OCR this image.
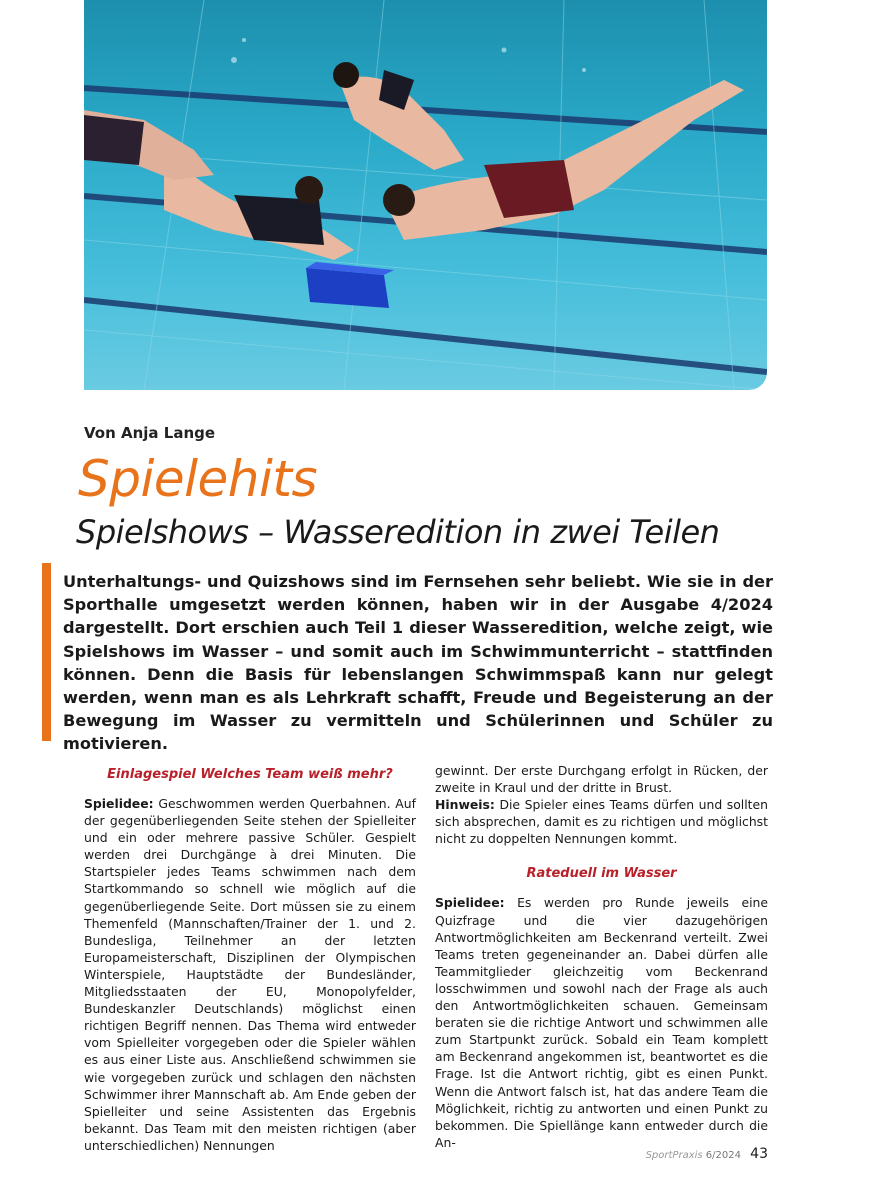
Von Anja Lange
Spielehits
Spielshows – Wasseredition in zwei Teilen
Unterhaltungs- und Quizshows sind im Fernsehen sehr beliebt. Wie sie in der Sporthalle umgesetzt werden können, haben wir in der Ausgabe 4/2024 dargestellt. Dort erschien auch Teil 1 dieser Wasseredition, welche zeigt, wie Spielshows im Wasser – und somit auch im Schwimmunterricht – stattfinden können. Denn die Basis für lebenslangen Schwimmspaß kann nur gelegt werden, wenn man es als Lehrkraft schafft, Freude und Begeisterung an der Bewegung im Wasser zu vermitteln und Schülerinnen und Schüler zu motivieren.
Einlagespiel Welches Team weiß mehr?

Spielidee: Geschwommen werden Querbahnen. Auf der gegenüberliegenden Seite stehen der Spielleiter und ein oder mehrere passive Schüler. Gespielt werden drei Durchgänge à drei Minuten. Die Startspieler jedes Teams schwimmen nach dem Startkommando so schnell wie möglich auf die gegenüberliegende Seite. Dort müssen sie zu einem Themenfeld (Mannschaften/Trainer der 1. und 2. Bundesliga, Teilnehmer an der letzten Europameisterschaft, Disziplinen der Olympischen Winterspiele, Hauptstädte der Bundesländer, Mitgliedsstaaten der EU, Monopolyfelder, Bundeskanzler Deutschlands) möglichst einen richtigen Begriff nennen. Das Thema wird entweder vom Spielleiter vorgegeben oder die Spieler wählen es aus einer Liste aus. Anschließend schwimmen sie wie vorgegeben zurück und schlagen den nächsten Schwimmer ihrer Mannschaft ab. Am Ende geben der Spielleiter und seine Assistenten das Ergebnis bekannt. Das Team mit den meisten richtigen (aber unterschiedlichen) Nennungen

gewinnt. Der erste Durchgang erfolgt in Rücken, der zweite in Kraul und der dritte in Brust.

Hinweis: Die Spieler eines Teams dürfen und sollten sich absprechen, damit es zu richtigen und möglichst nicht zu doppelten Nennungen kommt.

Rateduell im Wasser

Spielidee: Es werden pro Runde jeweils eine Quizfrage und die vier dazugehörigen Antwortmöglichkeiten am Beckenrand verteilt. Zwei Teams treten gegeneinander an. Dabei dürfen alle Teammitglieder gleichzeitig vom Beckenrand losschwimmen und sowohl nach der Frage als auch den Antwortmöglichkeiten schauen. Gemeinsam beraten sie die richtige Antwort und schwimmen alle zum Startpunkt zurück. Sobald ein Team komplett am Beckenrand angekommen ist, beantwortet es die Frage. Ist die Antwort richtig, gibt es einen Punkt. Wenn die Antwort falsch ist, hat das andere Team die Möglichkeit, richtig zu antworten und einen Punkt zu bekommen. Die Spiellänge kann entweder durch die An-

SportPraxis 6/2024 43
